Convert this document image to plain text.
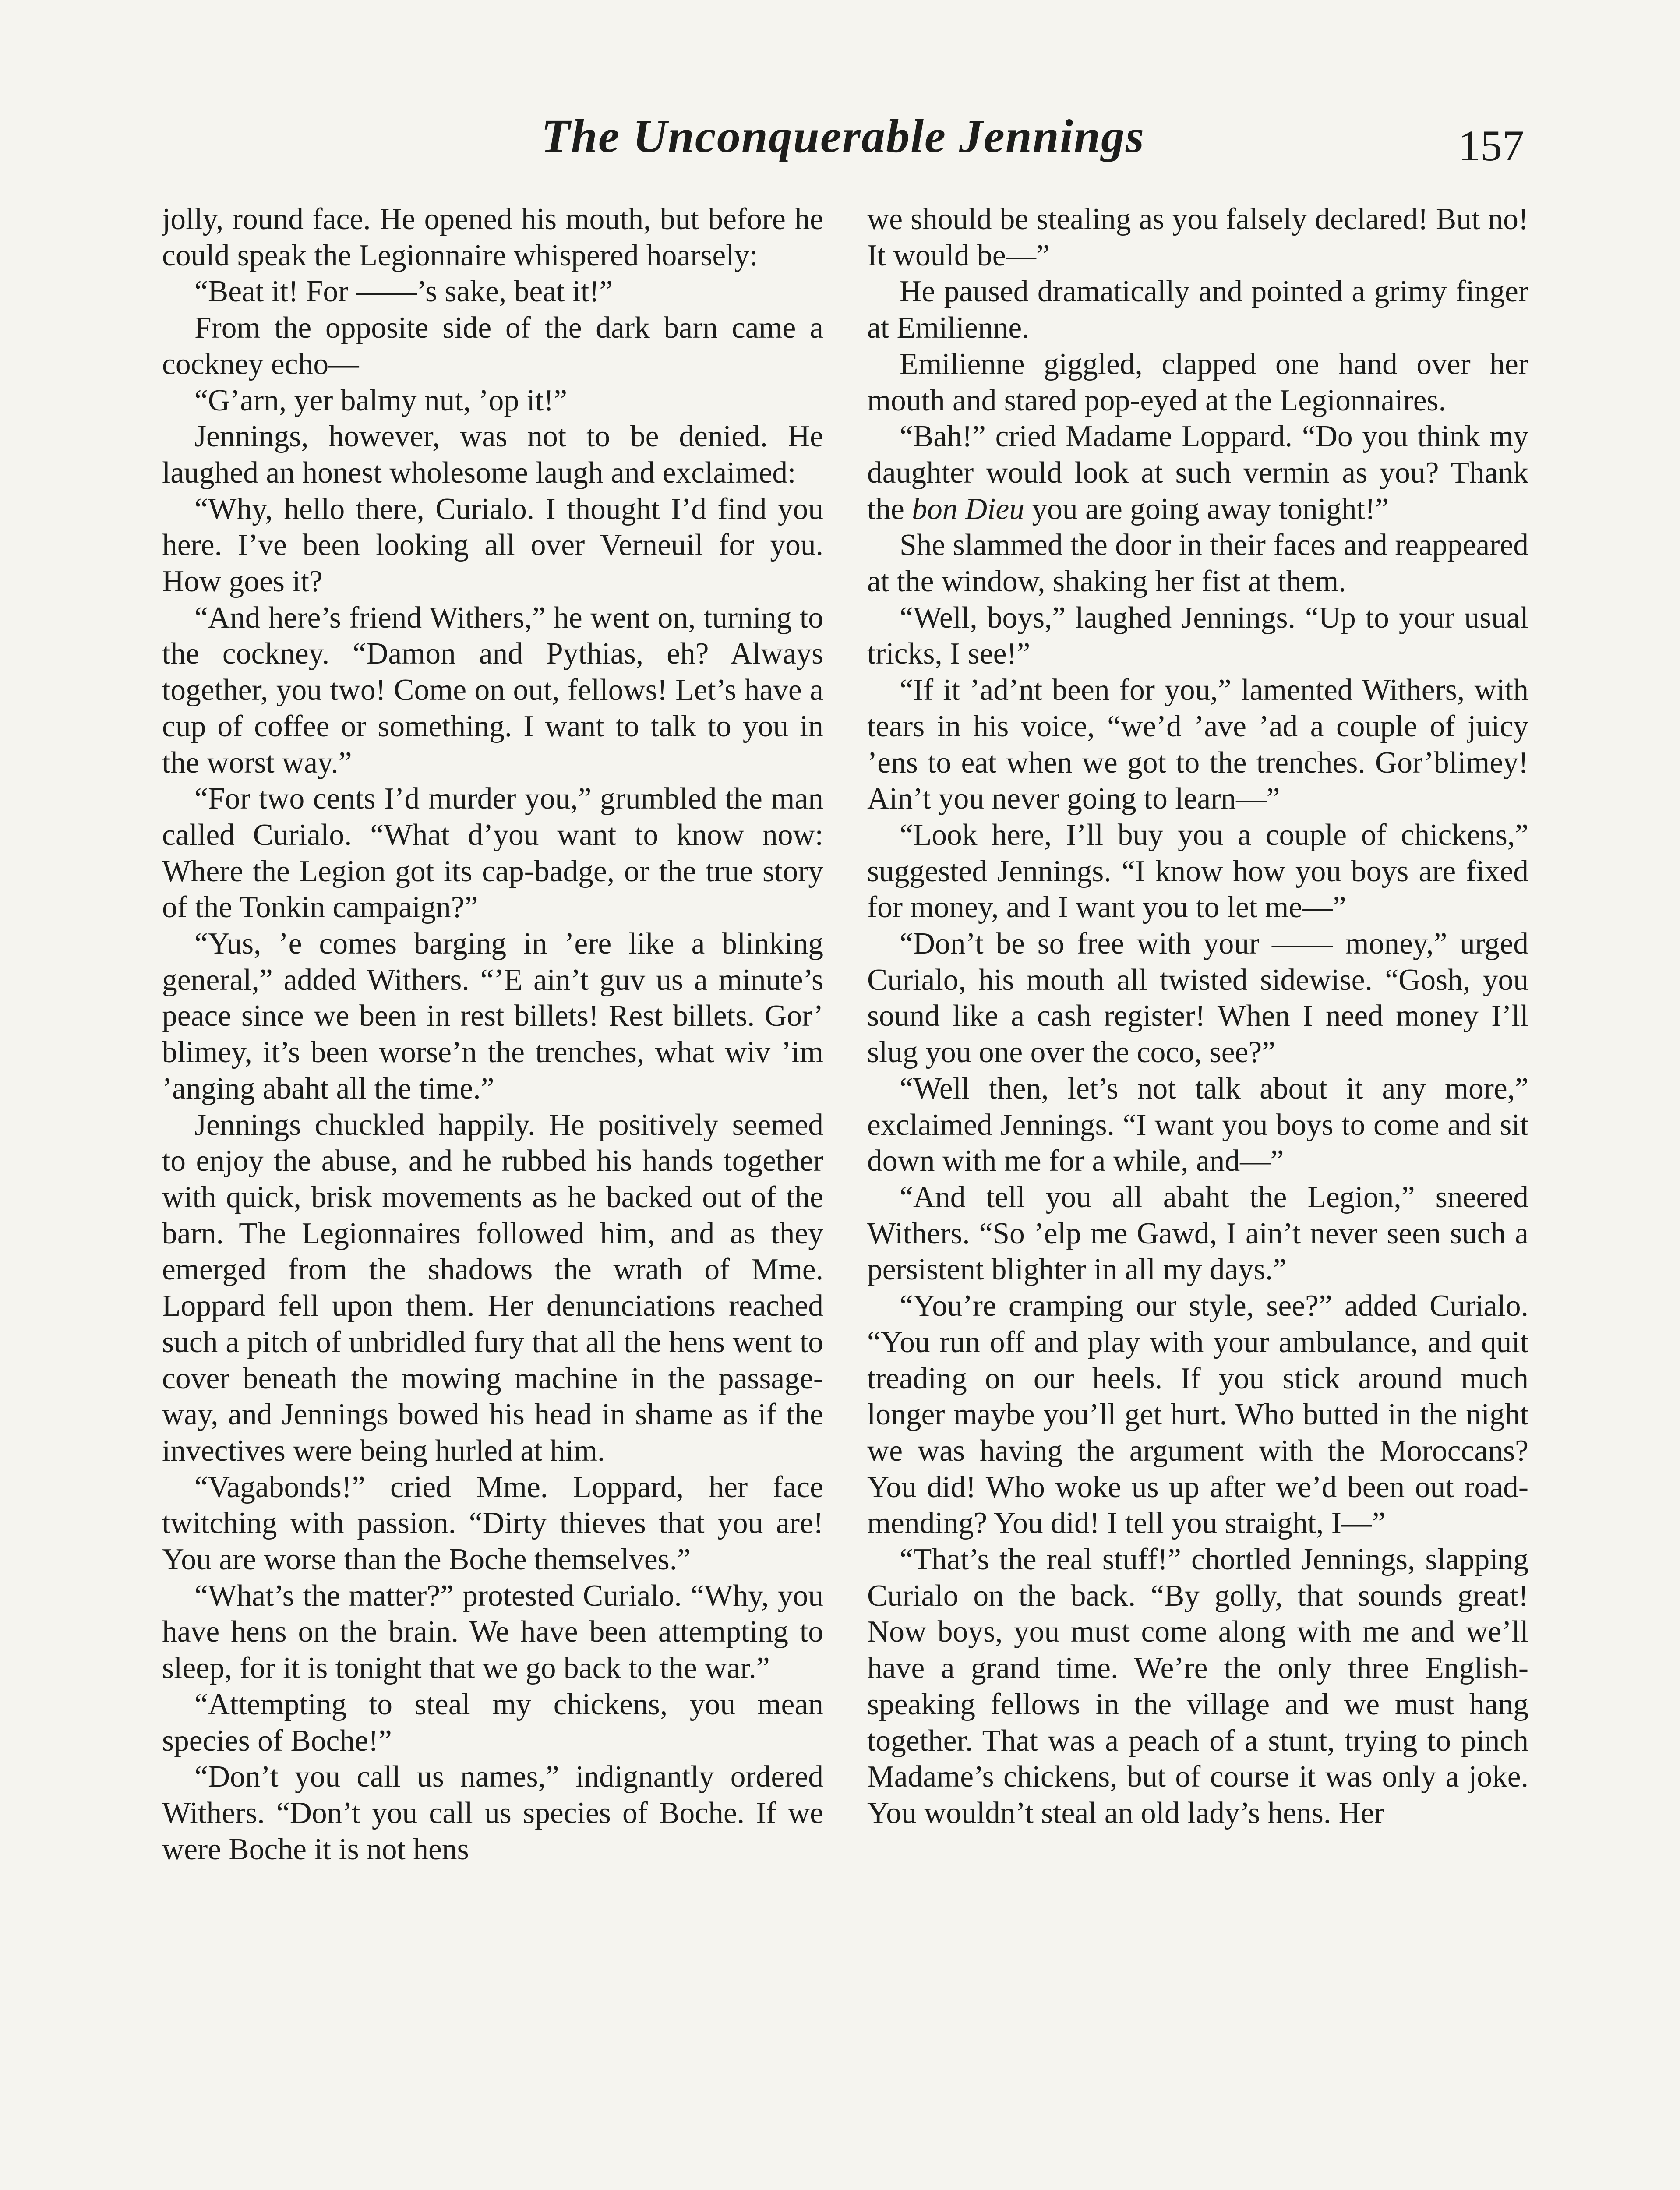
The Unconquerable Jennings	157

jolly, round face. He opened his mouth, but before he could speak the Legionnaire whispered hoarsely:

“Beat it! For ——’s sake, beat it!”

From the opposite side of the dark barn came a cockney echo—

“G’arn, yer balmy nut, ’op it!”

Jennings, however, was not to be denied. He laughed an honest wholesome laugh and exclaimed:

“Why, hello there, Curialo. I thought I’d find you here. I’ve been looking all over Verneuil for you. How goes it?

“And here’s friend Withers,” he went on, turning to the cockney. “Damon and Pythias, eh? Always together, you two! Come on out, fellows! Let’s have a cup of coffee or something. I want to talk to you in the worst way.”

“For two cents I’d murder you,” grumbled the man called Curialo. “What d’you want to know now: Where the Legion got its cap-badge, or the true story of the Tonkin campaign?”

“Yus, ’e comes barging in ’ere like a blinking general,” added Withers. “’E ain’t guv us a minute’s peace since we been in rest billets! Rest billets. Gor’ blimey, it’s been worse’n the trenches, what wiv ’im ’anging abaht all the time.”

Jennings chuckled happily. He positively seemed to enjoy the abuse, and he rubbed his hands together with quick, brisk movements as he backed out of the barn. The Legionnaires followed him, and as they emerged from the shadows the wrath of Mme. Loppard fell upon them. Her denunciations reached such a pitch of unbridled fury that all the hens went to cover beneath the mowing machine in the passageway, and Jennings bowed his head in shame as if the invectives were being hurled at him.

“Vagabonds!” cried Mme. Loppard, her face twitching with passion. “Dirty thieves that you are! You are worse than the Boche themselves.”

“What’s the matter?” protested Curialo. “Why, you have hens on the brain. We have been attempting to sleep, for it is tonight that we go back to the war.”

“Attempting to steal my chickens, you mean species of Boche!”

“Don’t you call us names,” indignantly ordered Withers. “Don’t you call us species of Boche. If we were Boche it is not hens

we should be stealing as you falsely declared! But no! It would be—”

He paused dramatically and pointed a grimy finger at Emilienne.

Emilienne giggled, clapped one hand over her mouth and stared pop-eyed at the Legionnaires.

“Bah!” cried Madame Loppard. “Do you think my daughter would look at such vermin as you? Thank the bon Dieu you are going away tonight!”

She slammed the door in their faces and reappeared at the window, shaking her fist at them.

“Well, boys,” laughed Jennings. “Up to your usual tricks, I see!”

“If it ’ad’nt been for you,” lamented Withers, with tears in his voice, “we’d ’ave ’ad a couple of juicy ’ens to eat when we got to the trenches. Gor’blimey! Ain’t you never going to learn—”

“Look here, I’ll buy you a couple of chickens,” suggested Jennings. “I know how you boys are fixed for money, and I want you to let me—”

“Don’t be so free with your —— money,” urged Curialo, his mouth all twisted sidewise. “Gosh, you sound like a cash register! When I need money I’ll slug you one over the coco, see?”

“Well then, let’s not talk about it any more,” exclaimed Jennings. “I want you boys to come and sit down with me for a while, and—”

“And tell you all abaht the Legion,” sneered Withers. “So ’elp me Gawd, I ain’t never seen such a persistent blighter in all my days.”

“You’re cramping our style, see?” added Curialo. “You run off and play with your ambulance, and quit treading on our heels. If you stick around much longer maybe you’ll get hurt. Who butted in the night we was having the argument with the Moroccans? You did! Who woke us up after we’d been out road-mending? You did! I tell you straight, I—”

“That’s the real stuff!” chortled Jennings, slapping Curialo on the back. “By golly, that sounds great! Now boys, you must come along with me and we’ll have a grand time. We’re the only three English-speaking fellows in the village and we must hang together. That was a peach of a stunt, trying to pinch Madame’s chickens, but of course it was only a joke. You wouldn’t steal an old lady’s hens. Her
